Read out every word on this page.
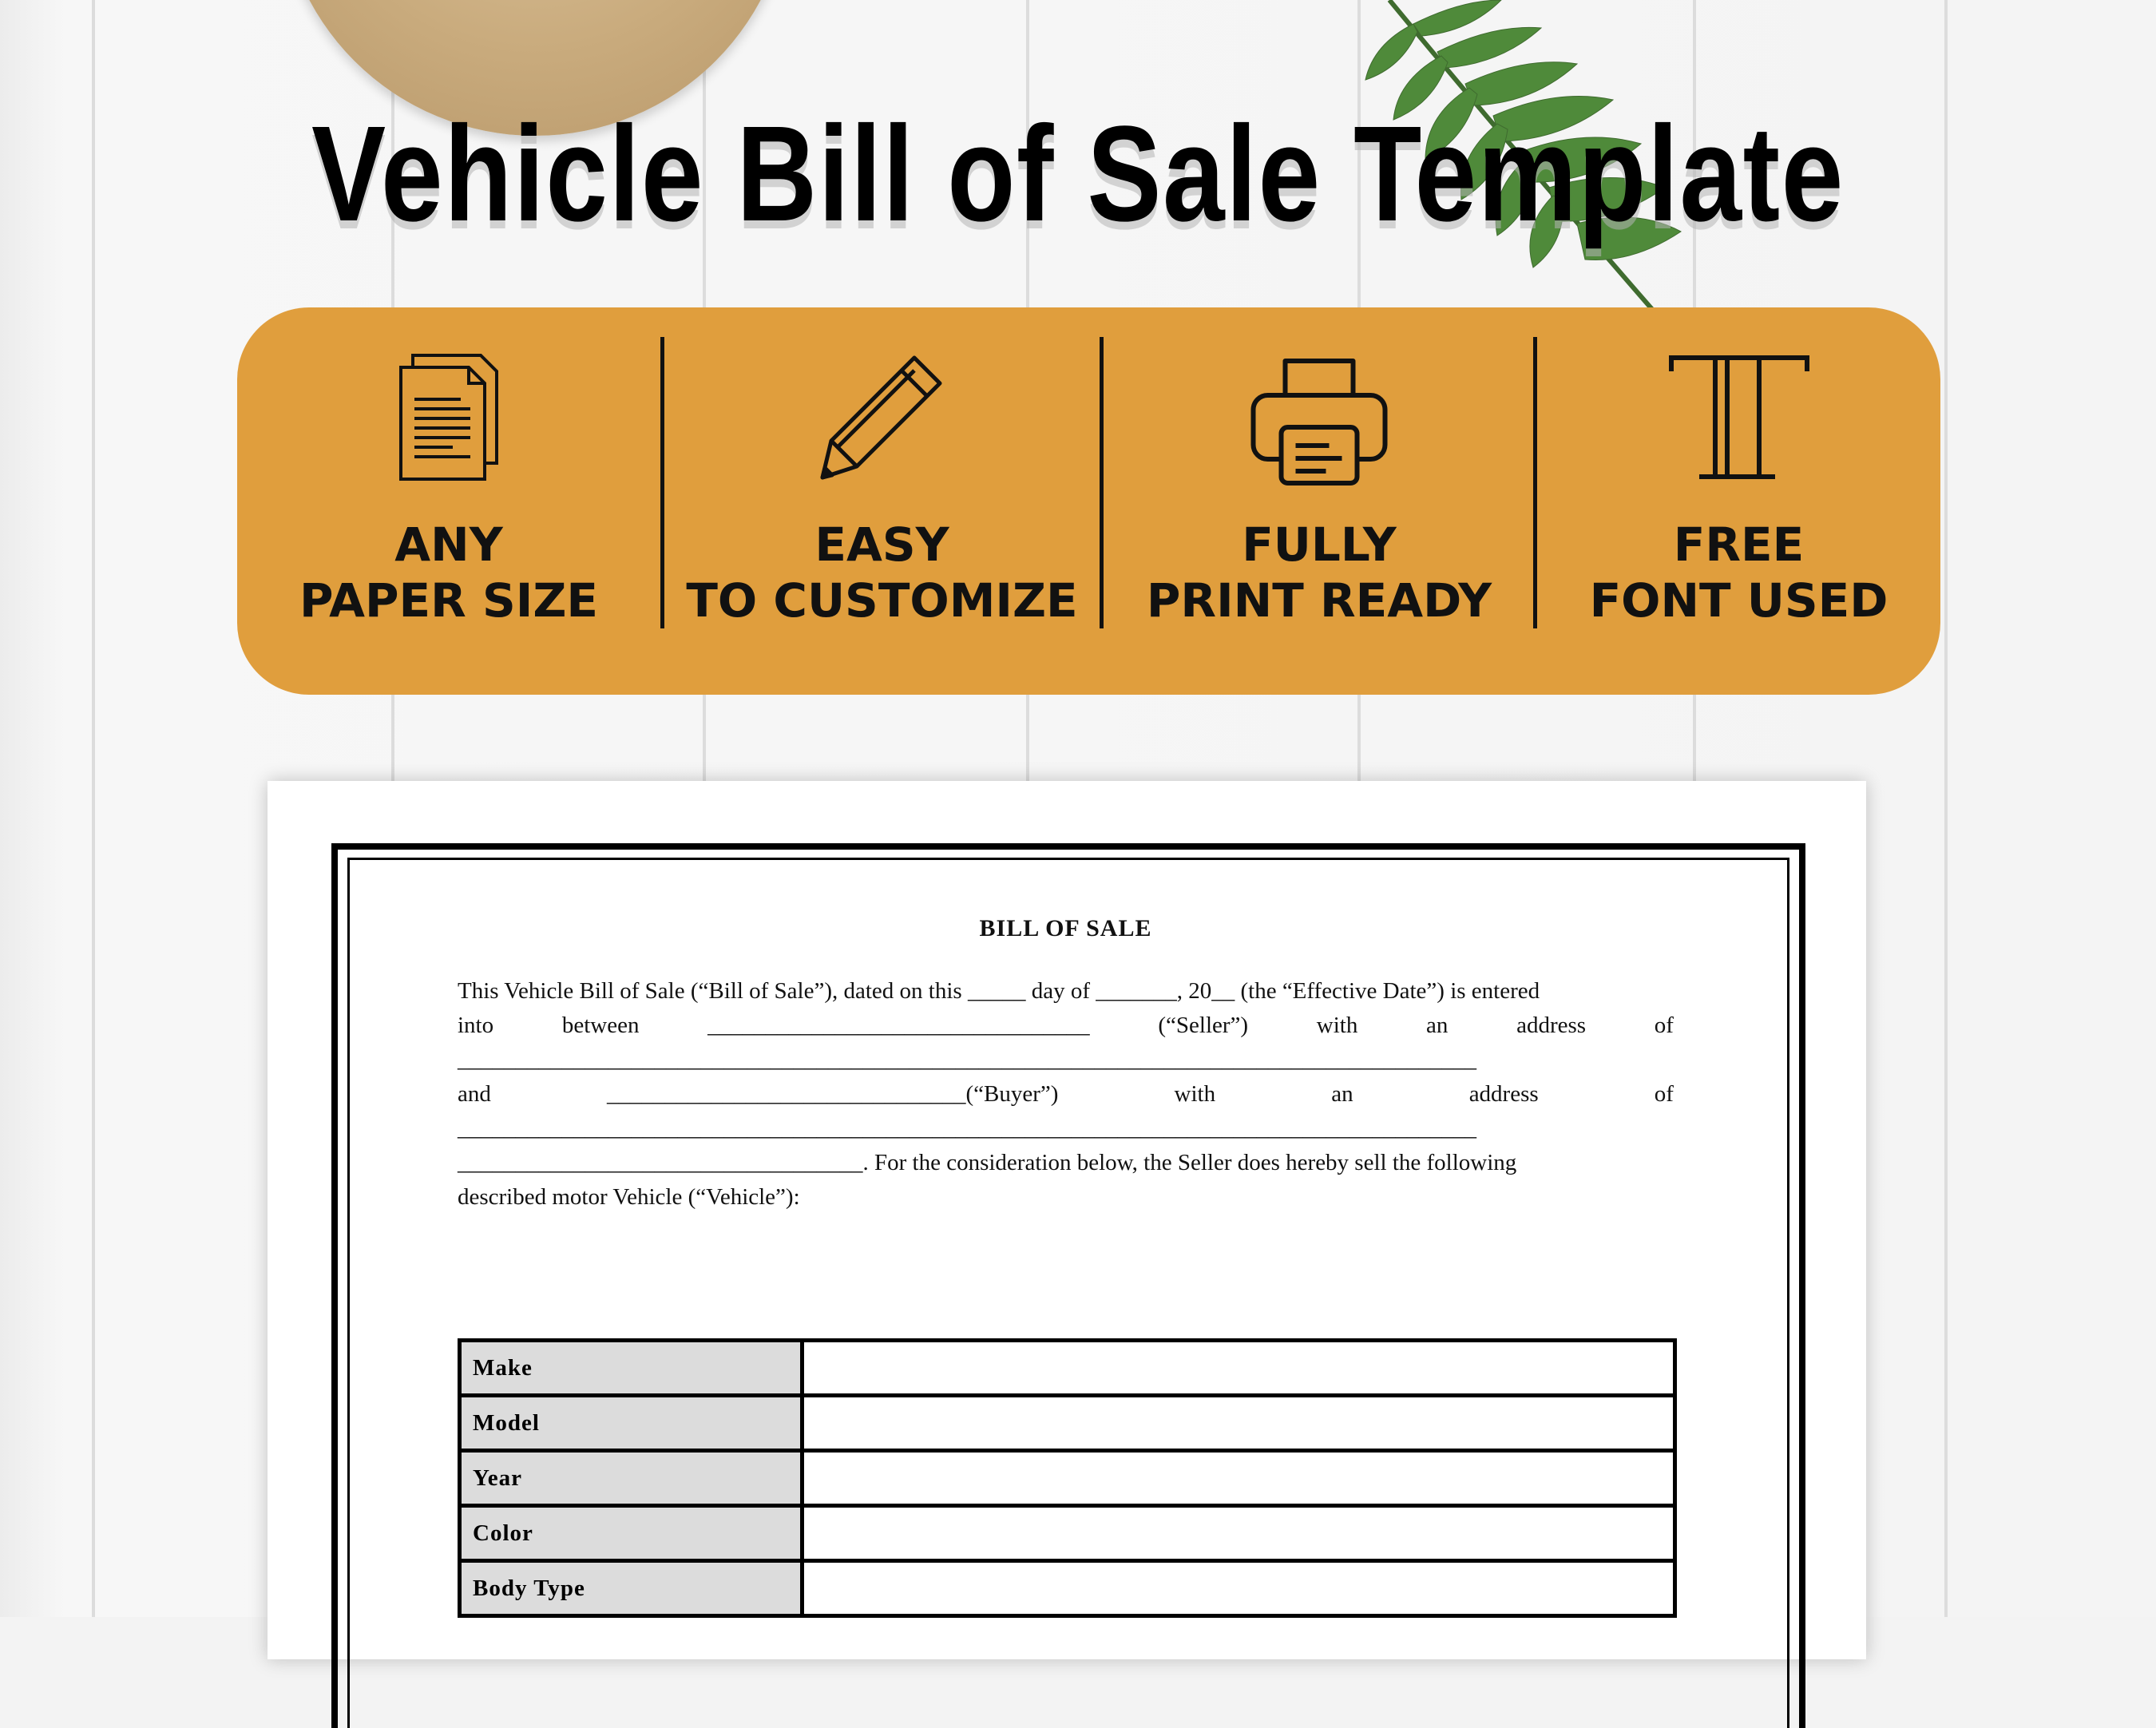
Vehicle Bill of Sale Template
ANY
PAPER SIZE
EASY
TO CUSTOMIZE
FULLY
PRINT READY
FREE
FONT USED
BILL OF SALE
This Vehicle Bill of Sale (“Bill of Sale”), dated on this _____ day of _______, 20__ (the “Effective Date”) is entered
into	between	_________________________________	(“Seller”)	with	an	address	of
________________________________________________________________________________________
and	_______________________________(“Buyer”)	with	an	address	of
________________________________________________________________________________________
___________________________________. For the consideration below, the Seller does hereby sell the following
described motor Vehicle (“Vehicle”):
Make	
Model	
Year	
Color	
Body Type	
